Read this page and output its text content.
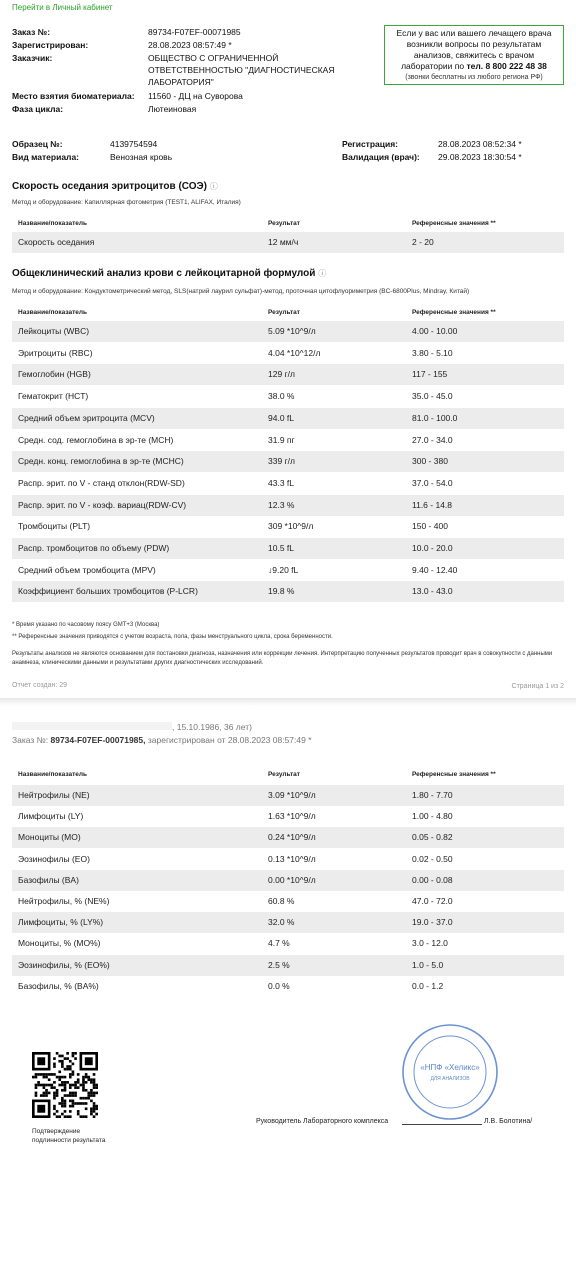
Перейти в Личный кабинет
Заказ №:	89734-F07EF-00071985
Зарегистрирован:	28.08.2023 08:57:49 *
Заказчик:	ОБЩЕСТВО С ОГРАНИЧЕННОЙ
ОТВЕТСТВЕННОСТЬЮ "ДИАГНОСТИЧЕСКАЯ
ЛАБОРАТОРИЯ"
Место взятия биоматериала: 11560 - ДЦ на Суворова
Фаза цикла:	Лютеиновая
Если у вас или вашего лечащего врача
возникли вопросы по результатам
анализов, свяжитесь с врачом
лаборатории по тел. 8 800 222 48 38
(звонки бесплатны из любого региона РФ)
Образец №:	4139754594
Вид материала:	Венозная кровь
Регистрация:	28.08.2023 08:52:34 *
Валидация (врач): 29.08.2023 18:30:54 *
Скорость оседания эритроцитов (СОЭ) ⓘ
Метод и оборудование: Капиллярная фотометрия (TEST1, ALIFAX, Италия)
Название/показатель	Результат	Референсные значения **
Скорость оседания	12 мм/ч	2 - 20
Общеклинический анализ крови с лейкоцитарной формулой ⓘ
Метод и оборудование: Кондуктометрический метод, SLS(натрий лаурил сульфат)-метод, проточная цитофлуориметрия (BC-6800Plus, Mindray, Китай)
Название/показатель	Результат	Референсные значения **
Лейкоциты (WBC)	5.09 *10^9/л	4.00 - 10.00
Эритроциты (RBC)	4.04 *10^12/л	3.80 - 5.10
Гемоглобин (HGB)	129 г/л	117 - 155
Гематокрит (HCT)	38.0 %	35.0 - 45.0
Средний объем эритроцита (MCV)	94.0 fL	81.0 - 100.0
Средн. сод. гемоглобина в эр-те (MCH)	31.9 пг	27.0 - 34.0
Средн. конц. гемоглобина в эр-те (MCHC)	339 г/л	300 - 380
Распр. эрит. по V - станд отклон(RDW-SD)	43.3 fL	37.0 - 54.0
Распр. эрит. по V - коэф. вариац(RDW-CV)	12.3 %	11.6 - 14.8
Тромбоциты (PLT)	309 *10^9/л	150 - 400
Распр. тромбоцитов по объему (PDW)	10.5 fL	10.0 - 20.0
Средний объем тромбоцита (MPV)	↓9.20 fL	9.40 - 12.40
Коэффициент больших тромбоцитов (P-LCR)	19.8 %	13.0 - 43.0
* Время указано по часовому поясу GMT+3 (Москва)
** Референсные значения приводятся с учетом возраста, пола, фазы менструального цикла, срока беременности.
Результаты анализов не являются основанием для постановки диагноза, назначения или коррекции лечения. Интерпретацию полученных результатов проводит врач в совокупности с данными анамнеза, клиническими данными и результатами других диагностических исследований.
Отчет создан: 29	Страница 1 из 2
, 15.10.1986, 36 лет)
Заказ №: 89734-F07EF-00071985, зарегистрирован от 28.08.2023 08:57:49 *
Название/показатель	Результат	Референсные значения **
Нейтрофилы (NE)	3.09 *10^9/л	1.80 - 7.70
Лимфоциты (LY)	1.63 *10^9/л	1.00 - 4.80
Моноциты (MO)	0.24 *10^9/л	0.05 - 0.82
Эозинофилы (EO)	0.13 *10^9/л	0.02 - 0.50
Базофилы (BA)	0.00 *10^9/л	0.00 - 0.08
Нейтрофилы, % (NE%)	60.8 %	47.0 - 72.0
Лимфоциты, % (LY%)	32.0 %	19.0 - 37.0
Моноциты, % (MO%)	4.7 %	3.0 - 12.0
Эозинофилы, % (EO%)	2.5 %	1.0 - 5.0
Базофилы, % (BA%)	0.0 %	0.0 - 1.2
Подтверждение
подлинности результата
Руководитель Лабораторного комплекса	Л.В. Болотина/
«НПФ «Хеликс»
ДЛЯ АНАЛИЗОВ
